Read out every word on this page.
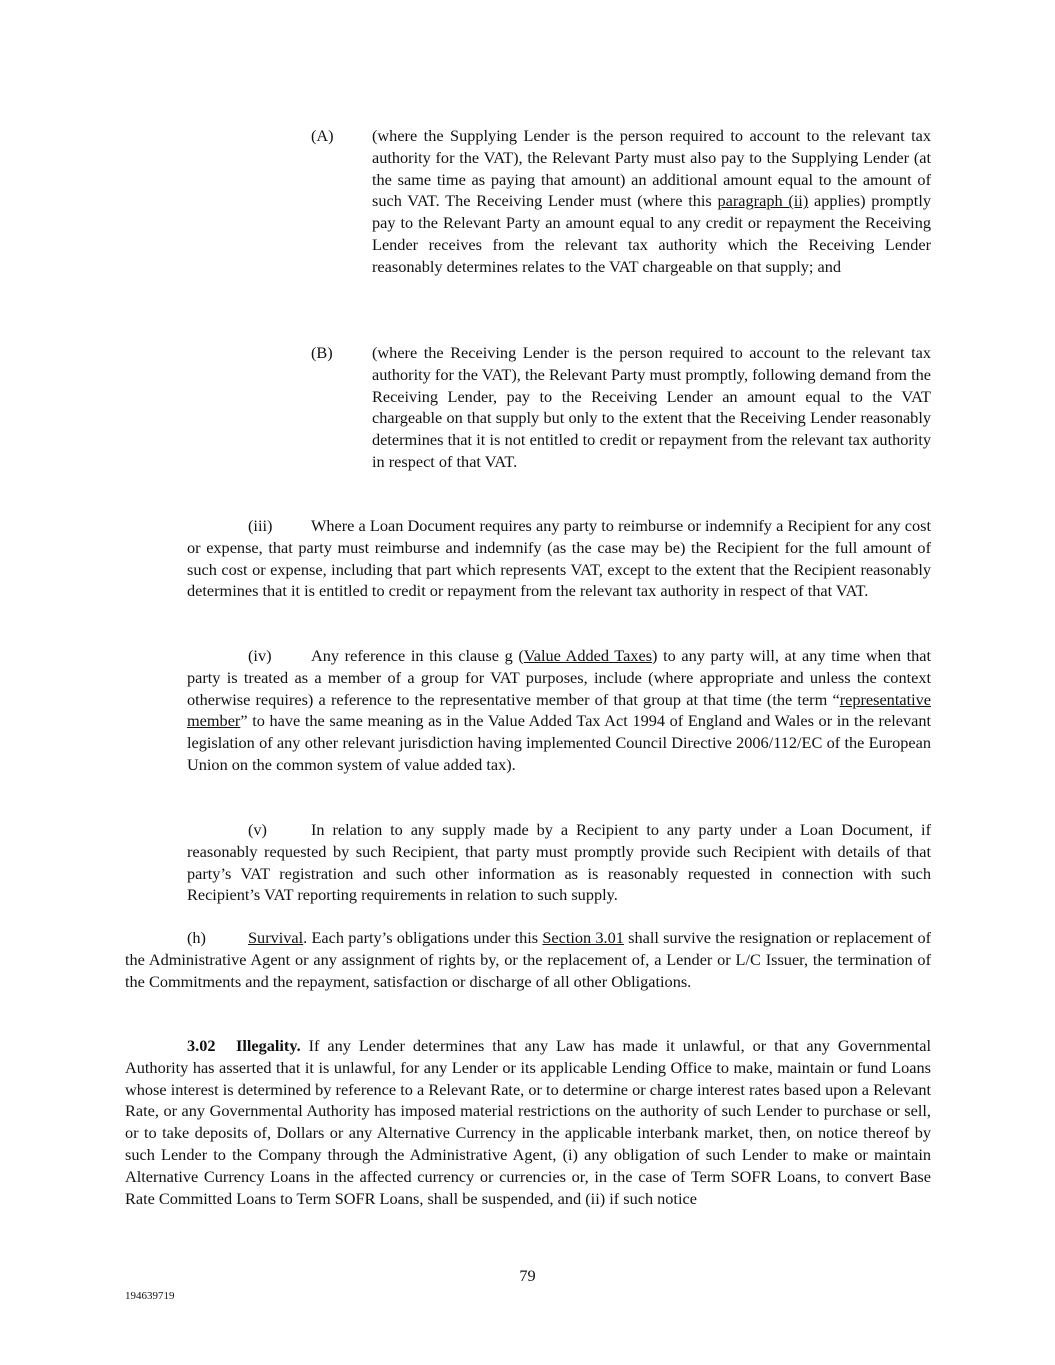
(A) (where the Supplying Lender is the person required to account to the relevant tax authority for the VAT), the Relevant Party must also pay to the Supplying Lender (at the same time as paying that amount) an additional amount equal to the amount of such VAT. The Receiving Lender must (where this paragraph (ii) applies) promptly pay to the Relevant Party an amount equal to any credit or repayment the Receiving Lender receives from the relevant tax authority which the Receiving Lender reasonably determines relates to the VAT chargeable on that supply; and

(B) (where the Receiving Lender is the person required to account to the relevant tax authority for the VAT), the Relevant Party must promptly, following demand from the Receiving Lender, pay to the Receiving Lender an amount equal to the VAT chargeable on that supply but only to the extent that the Receiving Lender reasonably determines that it is not entitled to credit or repayment from the relevant tax authority in respect of that VAT.

(iii) Where a Loan Document requires any party to reimburse or indemnify a Recipient for any cost or expense, that party must reimburse and indemnify (as the case may be) the Recipient for the full amount of such cost or expense, including that part which represents VAT, except to the extent that the Recipient reasonably determines that it is entitled to credit or repayment from the relevant tax authority in respect of that VAT.

(iv) Any reference in this clause g (Value Added Taxes) to any party will, at any time when that party is treated as a member of a group for VAT purposes, include (where appropriate and unless the context otherwise requires) a reference to the representative member of that group at that time (the term “representative member” to have the same meaning as in the Value Added Tax Act 1994 of England and Wales or in the relevant legislation of any other relevant jurisdiction having implemented Council Directive 2006/112/EC of the European Union on the common system of value added tax).

(v)	In relation to any supply made by a Recipient to any party under a Loan Document, if reasonably requested by such Recipient, that party must promptly provide such Recipient with details of that party’s VAT registration and such other information as is reasonably requested in connection with such Recipient’s VAT reporting requirements in relation to such supply.

(h)	Survival. Each party’s obligations under this Section 3.01 shall survive the resignation or replacement of the Administrative Agent or any assignment of rights by, or the replacement of, a Lender or L/C Issuer, the termination of the Commitments and the repayment, satisfaction or discharge of all other Obligations.

3.02 Illegality. If any Lender determines that any Law has made it unlawful, or that any Governmental Authority has asserted that it is unlawful, for any Lender or its applicable Lending Office to make, maintain or fund Loans whose interest is determined by reference to a Relevant Rate, or to determine or charge interest rates based upon a Relevant Rate, or any Governmental Authority has imposed material restrictions on the authority of such Lender to purchase or sell, or to take deposits of, Dollars or any Alternative Currency in the applicable interbank market, then, on notice thereof by such Lender to the Company through the Administrative Agent, (i) any obligation of such Lender to make or maintain Alternative Currency Loans in the affected currency or currencies or, in the case of Term SOFR Loans, to convert Base Rate Committed Loans to Term SOFR Loans, shall be suspended, and (ii) if such notice

79
194639719
